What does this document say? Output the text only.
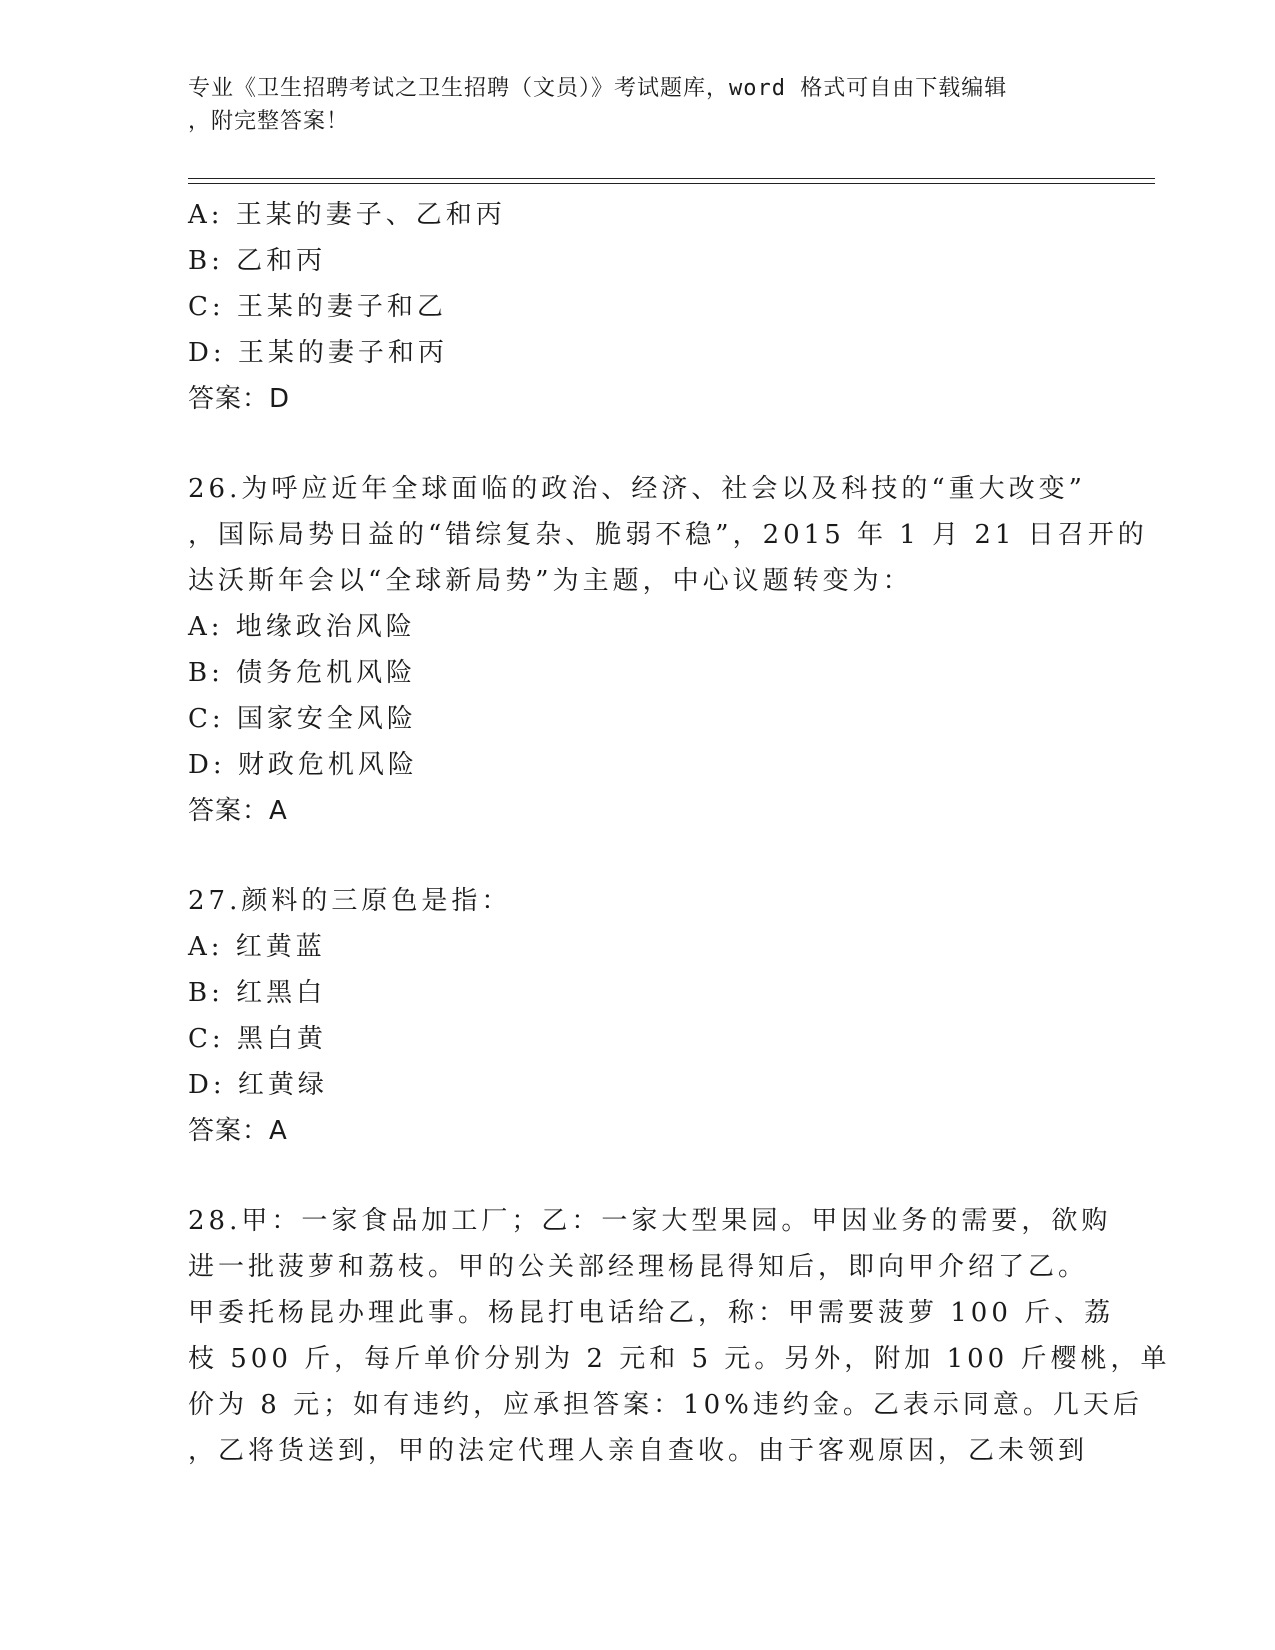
专业《卫生招聘考试之卫生招聘（文员）》考试题库，word 格式可自由下载编辑
，附完整答案！
A: 王某的妻子、乙和丙
B: 乙和丙
C: 王某的妻子和乙
D: 王某的妻子和丙
答案：D
26.为呼应近年全球面临的政治、经济、社会以及科技的“重大改变”
，国际局势日益的“错综复杂、脆弱不稳”，2015 年 1 月 21 日召开的
达沃斯年会以“全球新局势”为主题，中心议题转变为：
A: 地缘政治风险
B: 债务危机风险
C: 国家安全风险
D: 财政危机风险
答案：A
27.颜料的三原色是指：
A: 红黄蓝
B: 红黑白
C: 黑白黄
D: 红黄绿
答案：A
28.甲：一家食品加工厂；乙：一家大型果园。甲因业务的需要，欲购
进一批菠萝和荔枝。甲的公关部经理杨昆得知后，即向甲介绍了乙。
甲委托杨昆办理此事。杨昆打电话给乙，称：甲需要菠萝 100 斤、荔
枝 500 斤，每斤单价分别为 2 元和 5 元。另外，附加 100 斤樱桃，单
价为 8 元；如有违约，应承担答案：10%违约金。乙表示同意。几天后
，乙将货送到，甲的法定代理人亲自查收。由于客观原因，乙未领到
